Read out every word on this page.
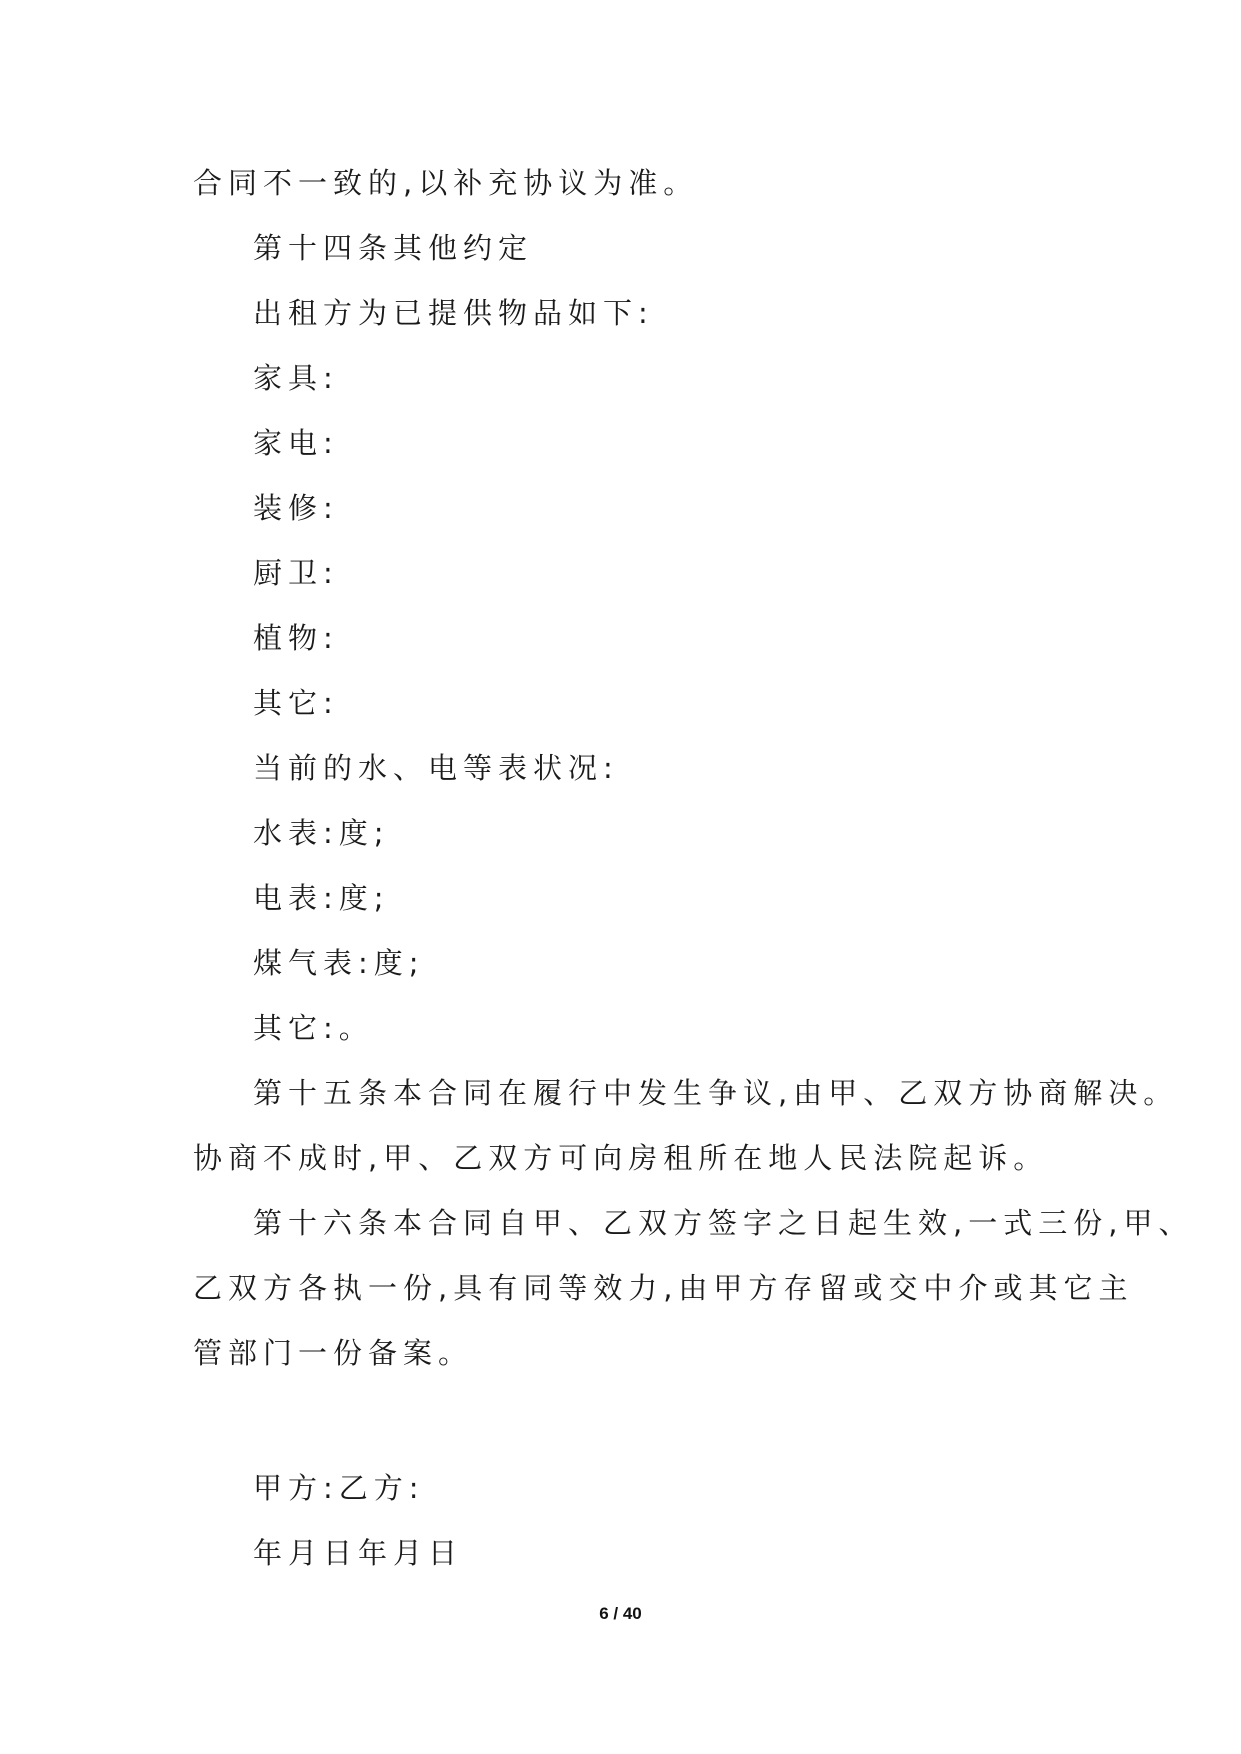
合同不一致的,以补充协议为准。
第十四条其他约定
出租方为已提供物品如下:
家具:
家电:
装修:
厨卫:
植物:
其它:
当前的水、电等表状况:
水表:度;
电表:度;
煤气表:度;
其它:。
第十五条本合同在履行中发生争议,由甲、乙双方协商解决。
协商不成时,甲、乙双方可向房租所在地人民法院起诉。
第十六条本合同自甲、乙双方签字之日起生效,一式三份,甲、
乙双方各执一份,具有同等效力,由甲方存留或交中介或其它主
管部门一份备案。
甲方:乙方:
年月日年月日
6 / 40
